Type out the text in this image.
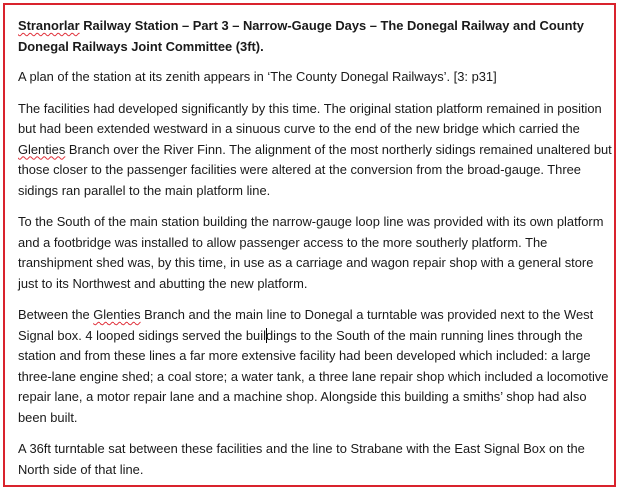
Stranorlar Railway Station – Part 3 – Narrow-Gauge Days – The Donegal Railway and County Donegal Railways Joint Committee (3ft).

A plan of the station at its zenith appears in ‘The County Donegal Railways’. [3: p31]

The facilities had developed significantly by this time. The original station platform remained in position but had been extended westward in a sinuous curve to the end of the new bridge which carried the Glenties Branch over the River Finn. The alignment of the most northerly sidings remained unaltered but those closer to the passenger facilities were altered at the conversion from the broad-gauge. Three sidings ran parallel to the main platform line.

To the South of the main station building the narrow-gauge loop line was provided with its own platform and a footbridge was installed to allow passenger access to the more southerly platform. The transhipment shed was, by this time, in use as a carriage and wagon repair shop with a general store just to its Northwest and abutting the new platform.

Between the Glenties Branch and the main line to Donegal a turntable was provided next to the West Signal box. 4 looped sidings served the buildings to the South of the main running lines through the station and from these lines a far more extensive facility had been developed which included: a large three-lane engine shed; a coal store; a water tank, a three lane repair shop which included a locomotive repair lane, a motor repair lane and a machine shop. Alongside this building a smiths’ shop had also been built.

A 36ft turntable sat between these facilities and the line to Strabane with the East Signal Box on the North side of that line.
